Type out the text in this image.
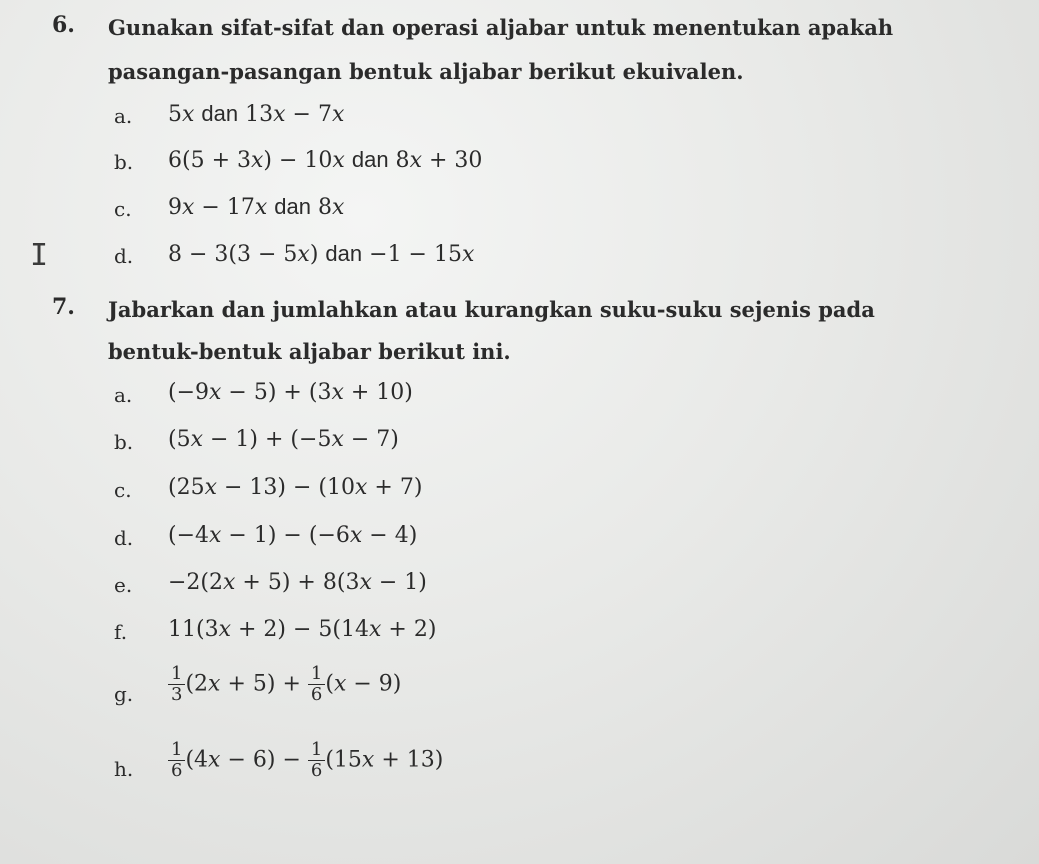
I
6. Gunakan sifat-sifat dan operasi aljabar untuk menentukan apakah
pasangan-pasangan bentuk aljabar berikut ekuivalen.
a. 5x dan 13x − 7x
b. 6(5 + 3x) − 10x dan 8x + 30
c. 9x − 17x dan 8x
d. 8 − 3(3 − 5x) dan −1 − 15x
7. Jabarkan dan jumlahkan atau kurangkan suku-suku sejenis pada
bentuk-bentuk aljabar berikut ini.
a. (−9x − 5) + (3x + 10)
b. (5x − 1) + (−5x − 7)
c. (25x − 13) − (10x + 7)
d. (−4x − 1) − (−6x − 4)
e. −2(2x + 5) + 8(3x − 1)
f. 11(3x + 2) − 5(14x + 2)
g. $\frac{1}{3} (2x + 5) + \frac{1}{6} (x - 9)$
h. $\frac{1}{6} (4x - 6) - \frac{1}{6} (15x + 13)$
